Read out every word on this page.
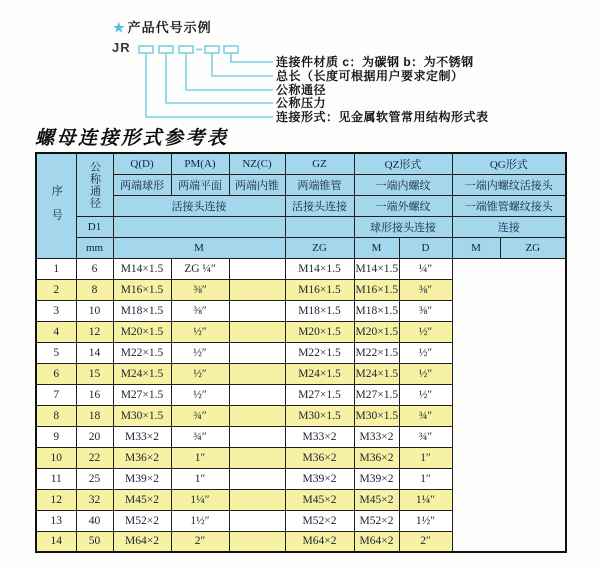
★ 产品代号示例
JR
连接件材质 c：为碳钢 b：为不锈钢
总长（长度可根据用户要求定制）
公称通径
公称压力
连接形式：见金属软管常用结构形式表
螺母连接形式参考表
序号	公称通径	Q(D)	PM(A)	NZ(C)	GZ	QZ形式		QG形式	
		两端球形	两端平面	两端内锥	两端锥管	一端内螺纹		一端内螺纹活接头	
		活接头连接			活接头连接	一端外螺纹		一端锥管螺纹接头	
	D1					球形接头连接		连接	
	mm	M			ZG	M	D	M	ZG
1	6	M14×1.5	ZG ¼″		M14×1.5	M14×1.5	¼″		
2	8	M16×1.5	⅜″		M16×1.5	M16×1.5	⅜″		
3	10	M18×1.5	⅜″		M18×1.5	M18×1.5	⅜″		
4	12	M20×1.5	½″		M20×1.5	M20×1.5	½″		
5	14	M22×1.5	½″		M22×1.5	M22×1.5	½″		
6	15	M24×1.5	½″		M24×1.5	M24×1.5	½″		
7	16	M27×1.5	½″		M27×1.5	M27×1.5	½″		
8	18	M30×1.5	¾″		M30×1.5	M30×1.5	¾″		
9	20	M33×2	¾″		M33×2	M33×2	¾″		
10	22	M36×2	1″		M36×2	M36×2	1″		
11	25	M39×2	1″		M39×2	M39×2	1″		
12	32	M45×2	1¼″		M45×2	M45×2	1¼″		
13	40	M52×2	1½″		M52×2	M52×2	1½″		
14	50	M64×2	2″		M64×2	M64×2	2″		
